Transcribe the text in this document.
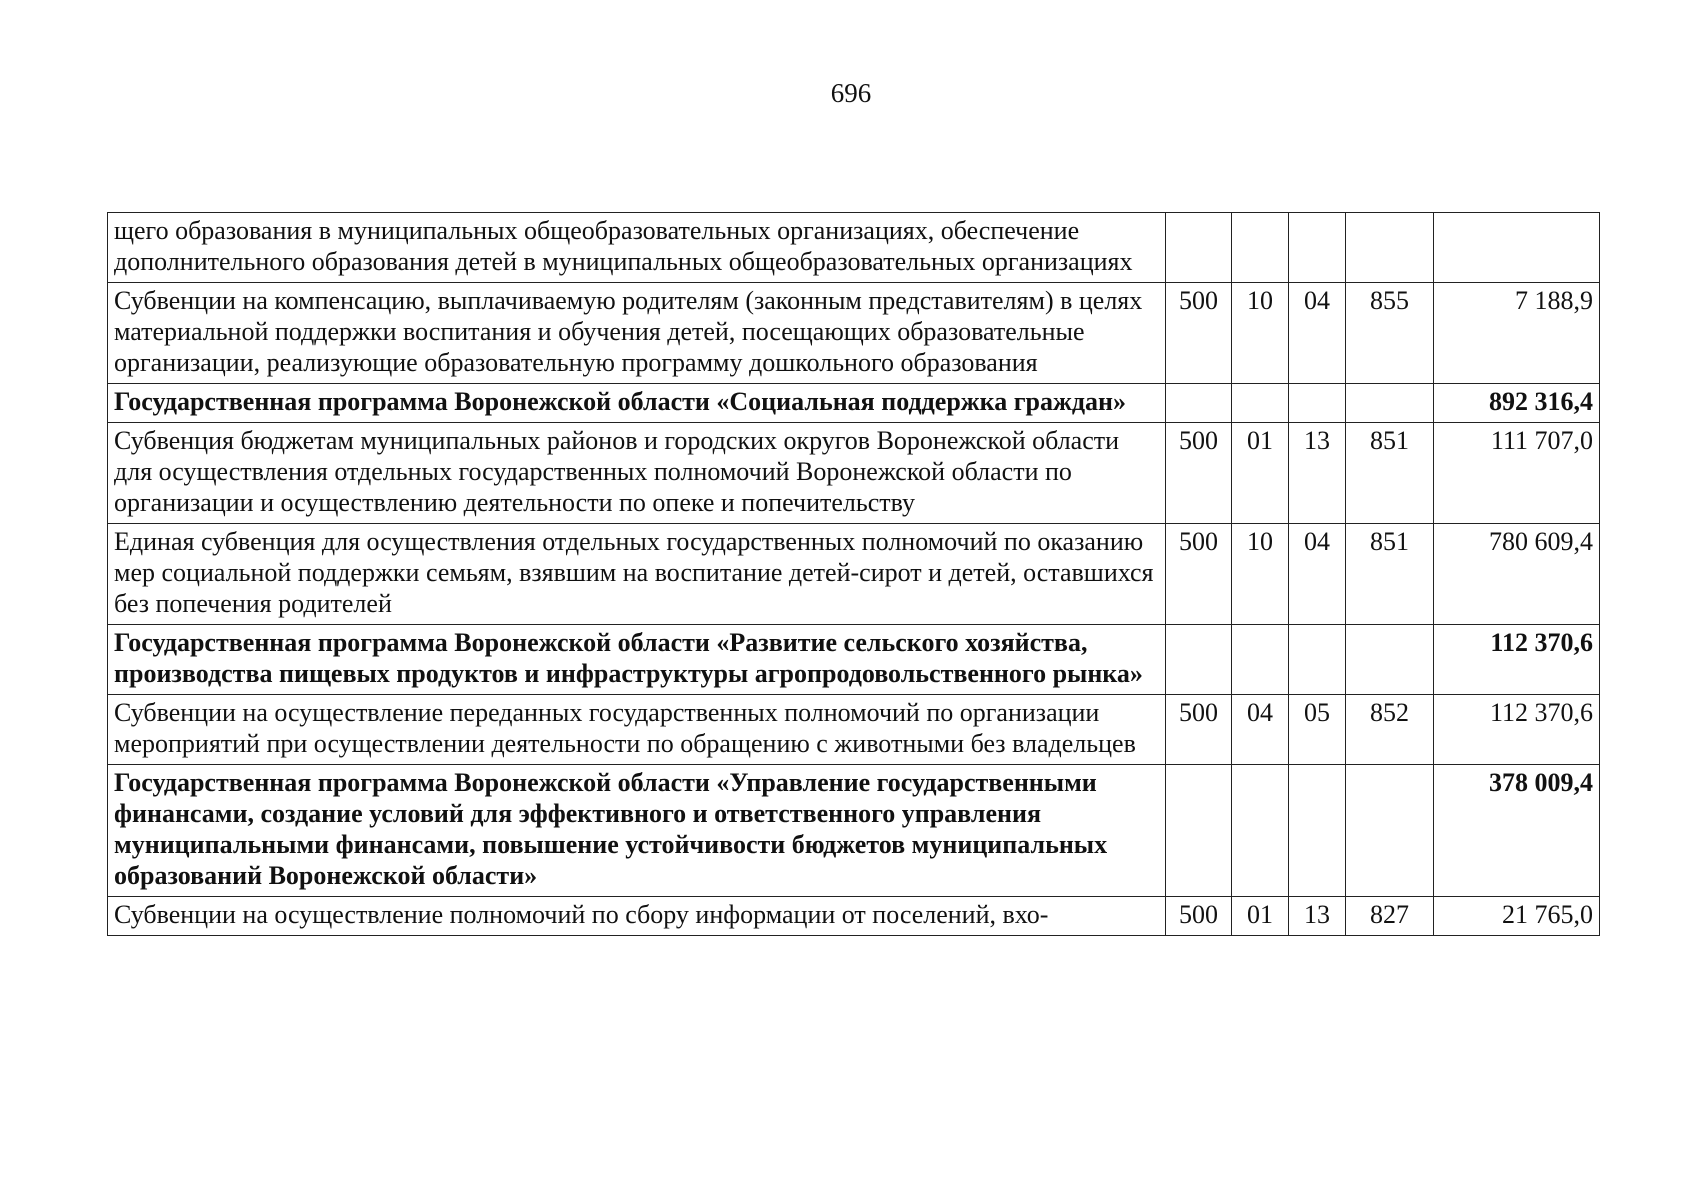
696
щего образования в муниципальных общеобразовательных организациях, обеспечение дополнительного образования детей в муниципальных общеобразовательных организациях					
Субвенции на компенсацию, выплачиваемую родителям (законным представителям) в целях материальной поддержки воспитания и обучения детей, посещающих образовательные организации, реализующие образовательную программу дошкольного образования	500	10	04	855	7 188,9
Государственная программа Воронежской области «Социальная поддержка граждан»					892 316,4
Субвенция бюджетам муниципальных районов и городских округов Воронежской области для осуществления отдельных государственных полномочий Воронежской области по организации и осуществлению деятельности по опеке и попечительству	500	01	13	851	111 707,0
Единая субвенция для осуществления отдельных государственных полномочий по оказанию мер социальной поддержки семьям, взявшим на воспитание детей-сирот и детей, оставшихся без попечения родителей	500	10	04	851	780 609,4
Государственная программа Воронежской области «Развитие сельского хозяйства, производства пищевых продуктов и инфраструктуры агропродовольственного рынка»					112 370,6
Субвенции на осуществление переданных государственных полномочий по организации мероприятий при осуществлении деятельности по обращению с животными без владельцев	500	04	05	852	112 370,6
Государственная программа Воронежской области «Управление государственными финансами, создание условий для эффективного и ответственного управления муниципальными финансами, повышение устойчивости бюджетов муниципальных образований Воронежской области»					378 009,4
Субвенции на осуществление полномочий по сбору информации от поселений, вхо-	500	01	13	827	21 765,0
